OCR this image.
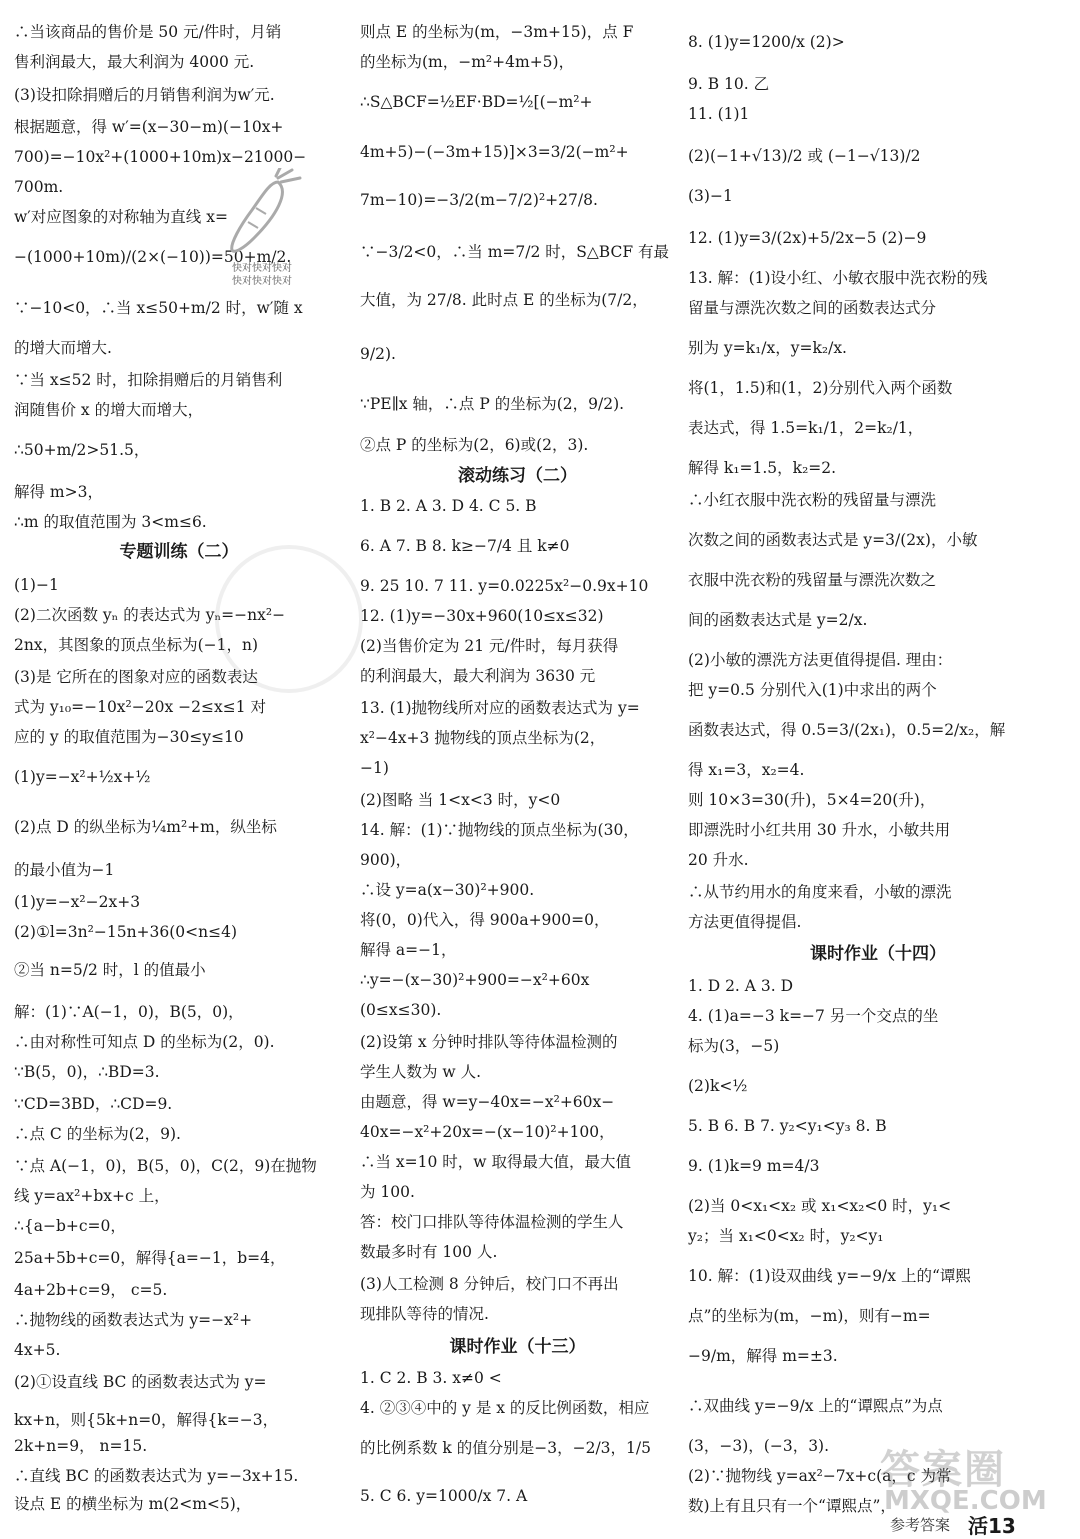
专题训练（二）
∴当该商品的售价是 50 元/件时，月销
售利润最大，最大利润为 4000 元.
(3)设扣除捐赠后的月销售利润为w′元.
根据题意，得 w′=(x−30−m)(−10x+
700)=−10x²+(1000+10m)x−21000−
700m.
w′对应图象的对称轴为直线 x=
−(1000+10m)/(2×(−10))=50+m/2.
∵−10<0，∴当 x≤50+m/2 时，w′随 x
的增大而增大.
∵当 x≤52 时，扣除捐赠后的月销售利
润随售价 x 的增大而增大，
∴50+m/2>51.5，
解得 m>3，
∴m 的取值范围为 3<m≤6.
(1)−1
(2)二次函数 yₙ 的表达式为 yₙ=−nx²−
2nx，其图象的顶点坐标为(−1，n)
(3)是 它所在的图象对应的函数表达
式为 y₁₀=−10x²−20x −2≤x≤1 对
应的 y 的取值范围为−30≤y≤10
(1)y=−x²+½x+½
(2)点 D 的纵坐标为¼m²+m，纵坐标
的最小值为−1
(1)y=−x²−2x+3
(2)①l=3n²−15n+36(0<n≤4)
②当 n=5/2 时，l 的值最小
解：(1)∵A(−1，0)，B(5，0)，
∴由对称性可知点 D 的坐标为(2，0).
∵B(5，0)，∴BD=3.
∵CD=3BD，∴CD=9.
∴点 C 的坐标为(2，9).
∵点 A(−1，0)，B(5，0)，C(2，9)在抛物
线 y=ax²+bx+c 上，
∴{a−b+c=0，
25a+5b+c=0，解得{a=−1，b=4，
4a+2b+c=9， c=5.
∴抛物线的函数表达式为 y=−x²+
4x+5.
(2)①设直线 BC 的函数表达式为 y=
kx+n，则{5k+n=0，解得{k=−3，
2k+n=9， n=15.
∴直线 BC 的函数表达式为 y=−3x+15.
设点 E 的横坐标为 m(2<m<5)，
滚动练习（二）
课时作业（十三）
则点 E 的坐标为(m，−3m+15)，点 F
的坐标为(m，−m²+4m+5)，
∴S△BCF=½EF·BD=½[(−m²+
4m+5)−(−3m+15)]×3=3/2(−m²+
7m−10)=−3/2(m−7/2)²+27/8.
∵−3/2<0，∴当 m=7/2 时，S△BCF 有最
大值，为 27/8. 此时点 E 的坐标为(7/2，
9/2).
∵PE∥x 轴，∴点 P 的坐标为(2，9/2).
②点 P 的坐标为(2，6)或(2，3).
1. B 2. A 3. D 4. C 5. B
6. A 7. B 8. k≥−7/4 且 k≠0
9. 25 10. 7 11. y=0.0225x²−0.9x+10
12. (1)y=−30x+960(10≤x≤32)
(2)当售价定为 21 元/件时，每月获得
的利润最大，最大利润为 3630 元
13. (1)抛物线所对应的函数表达式为 y=
x²−4x+3 抛物线的顶点坐标为(2，
−1)
(2)图略 当 1<x<3 时，y<0
14. 解：(1)∵抛物线的顶点坐标为(30，
900)，
∴设 y=a(x−30)²+900.
将(0，0)代入，得 900a+900=0，
解得 a=−1，
∴y=−(x−30)²+900=−x²+60x
(0≤x≤30).
(2)设第 x 分钟时排队等待体温检测的
学生人数为 w 人.
由题意，得 w=y−40x=−x²+60x−
40x=−x²+20x=−(x−10)²+100，
∴当 x=10 时，w 取得最大值，最大值
为 100.
答：校门口排队等待体温检测的学生人
数最多时有 100 人.
(3)人工检测 8 分钟后，校门口不再出
现排队等待的情况.
1. C 2. B 3. x≠0 <
4. ②③④中的 y 是 x 的反比例函数，相应
的比例系数 k 的值分别是−3，−2/3，1/5
5. C 6. y=1000/x 7. A
课时作业（十四）
8. (1)y=1200/x (2)>
9. B 10. 乙
11. (1)1
(2)(−1+√13)/2 或 (−1−√13)/2
(3)−1
12. (1)y=3/(2x)+5/2x−5 (2)−9
13. 解：(1)设小红、小敏衣服中洗衣粉的残
留量与漂洗次数之间的函数表达式分
别为 y=k₁/x，y=k₂/x.
将(1，1.5)和(1，2)分别代入两个函数
表达式，得 1.5=k₁/1，2=k₂/1，
解得 k₁=1.5，k₂=2.
∴小红衣服中洗衣粉的残留量与漂洗
次数之间的函数表达式是 y=3/(2x)，小敏
衣服中洗衣粉的残留量与漂洗次数之
间的函数表达式是 y=2/x.
(2)小敏的漂洗方法更值得提倡. 理由：
把 y=0.5 分别代入(1)中求出的两个
函数表达式，得 0.5=3/(2x₁)，0.5=2/x₂，解
得 x₁=3，x₂=4.
则 10×3=30(升)，5×4=20(升)，
即漂洗时小红共用 30 升水，小敏共用
20 升水.
∴从节约用水的角度来看，小敏的漂洗
方法更值得提倡.
1. D 2. A 3. D
4. (1)a=−3 k=−7 另一个交点的坐
标为(3，−5)
(2)k<½
5. B 6. B 7. y₂<y₁<y₃ 8. B
9. (1)k=9 m=4/3
(2)当 0<x₁<x₂ 或 x₁<x₂<0 时，y₁<
y₂；当 x₁<0<x₂ 时，y₂<y₁
10. 解：(1)设双曲线 y=−9/x 上的“谭熙
点”的坐标为(m，−m)，则有−m=
−9/m，解得 m=±3.
∴双曲线 y=−9/x 上的“谭熙点”为点
(3，−3)，(−3，3).
(2)∵抛物线 y=ax²−7x+c(a，c 为常
数)上有且只有一个“谭熙点”，
快对快对快对
快对快对快对
答案圈
MXQE.COM
参考答案 活13
